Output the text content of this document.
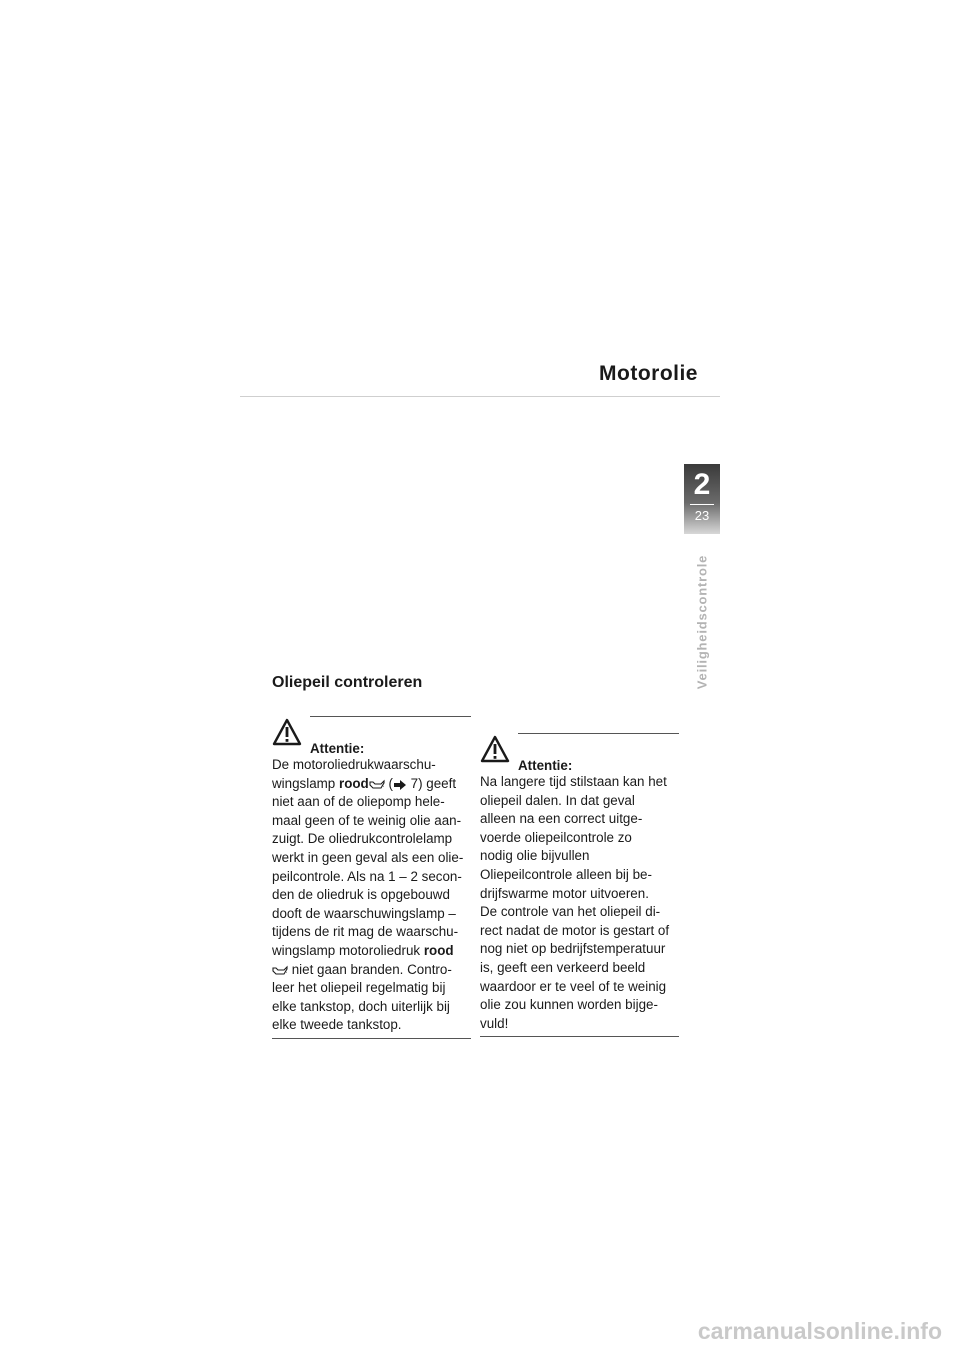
Motorolie
2
23
Veiligheidscontrole
Oliepeil controleren
Attentie:

De motoroliedrukwaarschu-

wingslamp rood ( 7) geeft

niet aan of de oliepomp hele-

maal geen of te weinig olie aan-

zuigt. De oliedrukcontrolelamp

werkt in geen geval als een olie-

peilcontrole. Als na 1 – 2 secon-

den de oliedruk is opgebouwd

dooft de waarschuwingslamp –

tijdens de rit mag de waarschu-

wingslamp motoroliedruk rood

niet gaan branden. Contro-

leer het oliepeil regelmatig bij

elke tankstop, doch uiterlijk bij

elke tweede tankstop.

Attentie:

Na langere tijd stilstaan kan het

oliepeil dalen. In dat geval

alleen na een correct uitge-

voerde oliepeilcontrole zo

nodig olie bijvullen

Oliepeilcontrole alleen bij be-

drijfswarme motor uitvoeren.

De controle van het oliepeil di-

rect nadat de motor is gestart of

nog niet op bedrijfstemperatuur

is, geeft een verkeerd beeld

waardoor er te veel of te weinig

olie zou kunnen worden bijge-

vuld!

carmanualsonline.info
